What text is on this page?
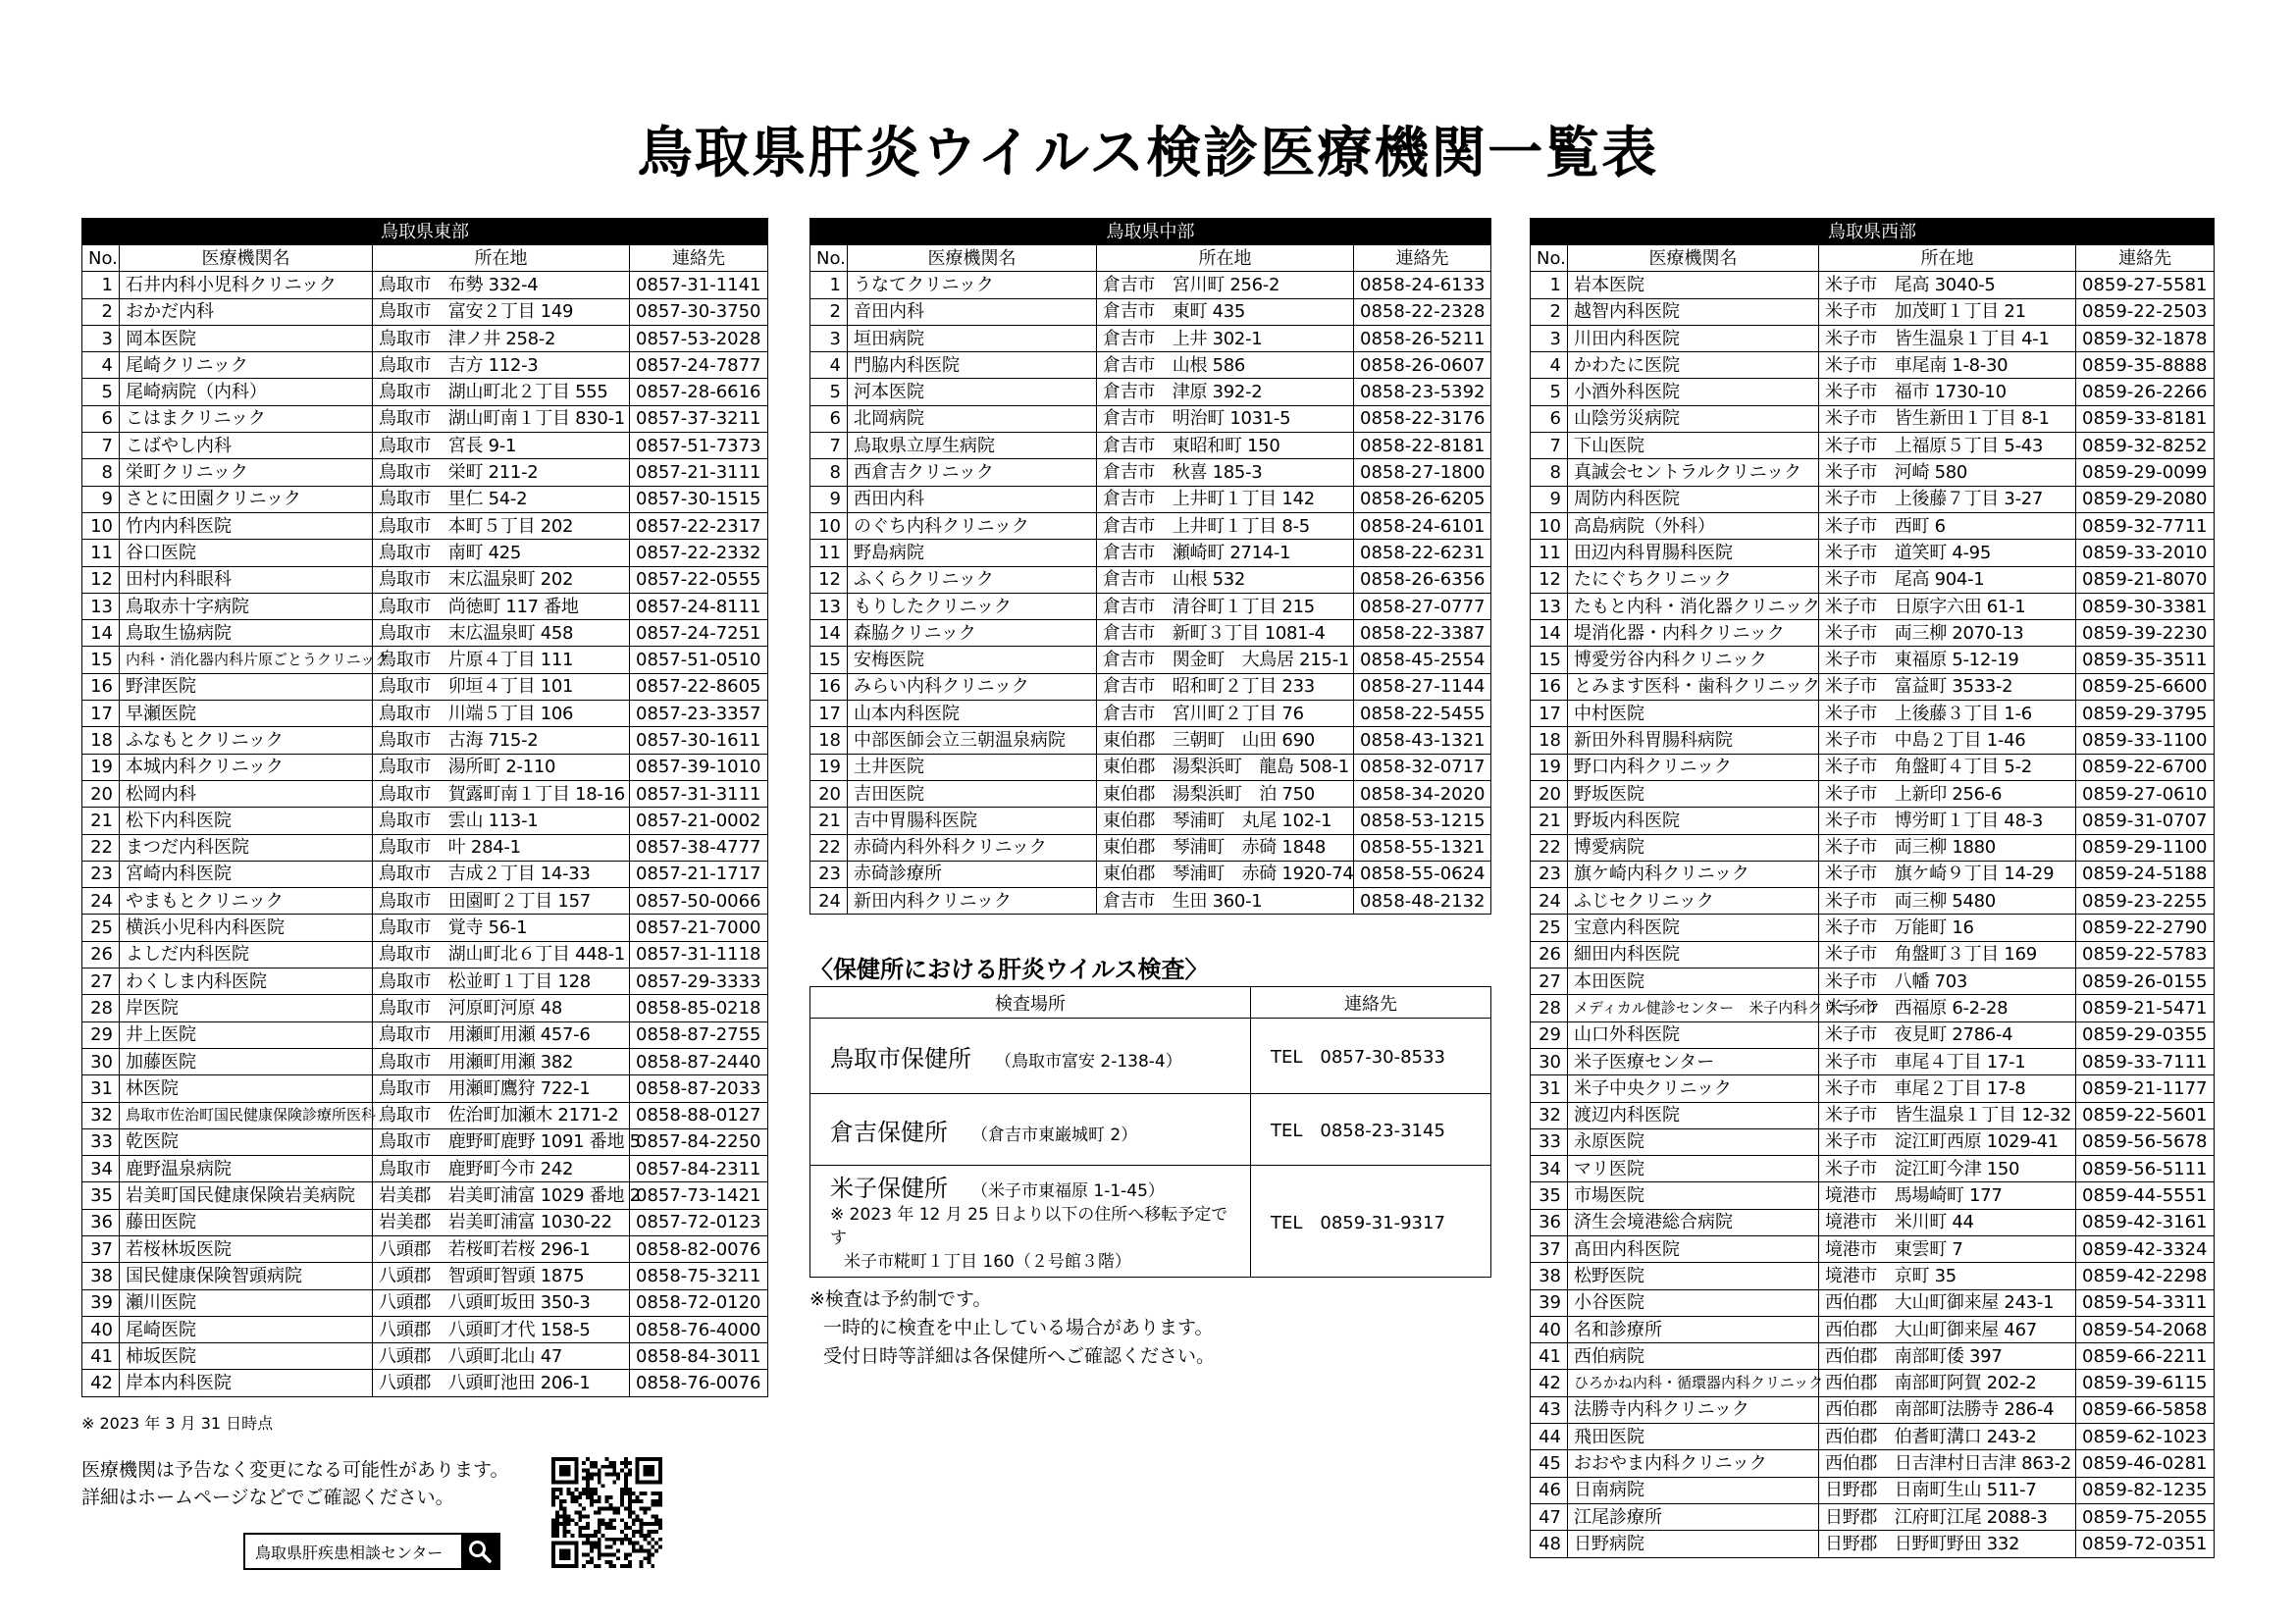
鳥取県肝炎ウイルス検診医療機関一覧表
鳥取県東部			
No.	医療機関名	所在地	連絡先
1	石井内科小児科クリニック	鳥取市　布勢 332-4	0857-31-1141
2	おかだ内科	鳥取市　富安２丁目 149	0857-30-3750
3	岡本医院	鳥取市　津ノ井 258-2	0857-53-2028
4	尾崎クリニック	鳥取市　吉方 112-3	0857-24-7877
5	尾崎病院（内科）	鳥取市　湖山町北２丁目 555	0857-28-6616
6	こはまクリニック	鳥取市　湖山町南１丁目 830-1	0857-37-3211
7	こばやし内科	鳥取市　宮長 9-1	0857-51-7373
8	栄町クリニック	鳥取市　栄町 211-2	0857-21-3111
9	さとに田園クリニック	鳥取市　里仁 54-2	0857-30-1515
10	竹内内科医院	鳥取市　本町５丁目 202	0857-22-2317
11	谷口医院	鳥取市　南町 425	0857-22-2332
12	田村内科眼科	鳥取市　末広温泉町 202	0857-22-0555
13	鳥取赤十字病院	鳥取市　尚徳町 117 番地	0857-24-8111
14	鳥取生協病院	鳥取市　末広温泉町 458	0857-24-7251
15	内科・消化器内科片原ごとうクリニック	鳥取市　片原４丁目 111	0857-51-0510
16	野津医院	鳥取市　卯垣４丁目 101	0857-22-8605
17	早瀬医院	鳥取市　川端５丁目 106	0857-23-3357
18	ふなもとクリニック	鳥取市　古海 715-2	0857-30-1611
19	本城内科クリニック	鳥取市　湯所町 2-110	0857-39-1010
20	松岡内科	鳥取市　賀露町南１丁目 18-16	0857-31-3111
21	松下内科医院	鳥取市　雲山 113-1	0857-21-0002
22	まつだ内科医院	鳥取市　叶 284-1	0857-38-4777
23	宮崎内科医院	鳥取市　吉成２丁目 14-33	0857-21-1717
24	やまもとクリニック	鳥取市　田園町２丁目 157	0857-50-0066
25	横浜小児科内科医院	鳥取市　覚寺 56-1	0857-21-7000
26	よしだ内科医院	鳥取市　湖山町北６丁目 448-1	0857-31-1118
27	わくしま内科医院	鳥取市　松並町１丁目 128	0857-29-3333
28	岸医院	鳥取市　河原町河原 48	0858-85-0218
29	井上医院	鳥取市　用瀬町用瀬 457-6	0858-87-2755
30	加藤医院	鳥取市　用瀬町用瀬 382	0858-87-2440
31	林医院	鳥取市　用瀬町鷹狩 722-1	0858-87-2033
32	鳥取市佐治町国民健康保険診療所医科	鳥取市　佐治町加瀬木 2171-2	0858-88-0127
33	乾医院	鳥取市　鹿野町鹿野 1091 番地 5	0857-84-2250
34	鹿野温泉病院	鳥取市　鹿野町今市 242	0857-84-2311
35	岩美町国民健康保険岩美病院	岩美郡　岩美町浦富 1029 番地 2	0857-73-1421
36	藤田医院	岩美郡　岩美町浦富 1030-22	0857-72-0123
37	若桜林坂医院	八頭郡　若桜町若桜 296-1	0858-82-0076
38	国民健康保険智頭病院	八頭郡　智頭町智頭 1875	0858-75-3211
39	瀬川医院	八頭郡　八頭町坂田 350-3	0858-72-0120
40	尾崎医院	八頭郡　八頭町才代 158-5	0858-76-4000
41	柿坂医院	八頭郡　八頭町北山 47	0858-84-3011
42	岸本内科医院	八頭郡　八頭町池田 206-1	0858-76-0076
鳥取県中部			
No.	医療機関名	所在地	連絡先
1	うなてクリニック	倉吉市　宮川町 256-2	0858-24-6133
2	音田内科	倉吉市　東町 435	0858-22-2328
3	垣田病院	倉吉市　上井 302-1	0858-26-5211
4	門脇内科医院	倉吉市　山根 586	0858-26-0607
5	河本医院	倉吉市　津原 392-2	0858-23-5392
6	北岡病院	倉吉市　明治町 1031-5	0858-22-3176
7	鳥取県立厚生病院	倉吉市　東昭和町 150	0858-22-8181
8	西倉吉クリニック	倉吉市　秋喜 185-3	0858-27-1800
9	西田内科	倉吉市　上井町１丁目 142	0858-26-6205
10	のぐち内科クリニック	倉吉市　上井町１丁目 8-5	0858-24-6101
11	野島病院	倉吉市　瀬崎町 2714-1	0858-22-6231
12	ふくらクリニック	倉吉市　山根 532	0858-26-6356
13	もりしたクリニック	倉吉市　清谷町１丁目 215	0858-27-0777
14	森脇クリニック	倉吉市　新町３丁目 1081-4	0858-22-3387
15	安梅医院	倉吉市　関金町　大鳥居 215-1	0858-45-2554
16	みらい内科クリニック	倉吉市　昭和町２丁目 233	0858-27-1144
17	山本内科医院	倉吉市　宮川町２丁目 76	0858-22-5455
18	中部医師会立三朝温泉病院	東伯郡　三朝町　山田 690	0858-43-1321
19	土井医院	東伯郡　湯梨浜町　龍島 508-1	0858-32-0717
20	吉田医院	東伯郡　湯梨浜町　泊 750	0858-34-2020
21	吉中胃腸科医院	東伯郡　琴浦町　丸尾 102-1	0858-53-1215
22	赤碕内科外科クリニック	東伯郡　琴浦町　赤碕 1848	0858-55-1321
23	赤碕診療所	東伯郡　琴浦町　赤碕 1920-74	0858-55-0624
24	新田内科クリニック	倉吉市　生田 360-1	0858-48-2132
鳥取県西部			
No.	医療機関名	所在地	連絡先
1	岩本医院	米子市　尾高 3040-5	0859-27-5581
2	越智内科医院	米子市　加茂町１丁目 21	0859-22-2503
3	川田内科医院	米子市　皆生温泉１丁目 4-1	0859-32-1878
4	かわたに医院	米子市　車尾南 1-8-30	0859-35-8888
5	小酒外科医院	米子市　福市 1730-10	0859-26-2266
6	山陰労災病院	米子市　皆生新田１丁目 8-1	0859-33-8181
7	下山医院	米子市　上福原５丁目 5-43	0859-32-8252
8	真誠会セントラルクリニック	米子市　河崎 580	0859-29-0099
9	周防内科医院	米子市　上後藤７丁目 3-27	0859-29-2080
10	高島病院（外科）	米子市　西町 6	0859-32-7711
11	田辺内科胃腸科医院	米子市　道笑町 4-95	0859-33-2010
12	たにぐちクリニック	米子市　尾高 904-1	0859-21-8070
13	たもと内科・消化器クリニック	米子市　日原字六田 61-1	0859-30-3381
14	堤消化器・内科クリニック	米子市　両三柳 2070-13	0859-39-2230
15	博愛労谷内科クリニック	米子市　東福原 5-12-19	0859-35-3511
16	とみます医科・歯科クリニック	米子市　富益町 3533-2	0859-25-6600
17	中村医院	米子市　上後藤３丁目 1-6	0859-29-3795
18	新田外科胃腸科病院	米子市　中島２丁目 1-46	0859-33-1100
19	野口内科クリニック	米子市　角盤町４丁目 5-2	0859-22-6700
20	野坂医院	米子市　上新印 256-6	0859-27-0610
21	野坂内科医院	米子市　博労町１丁目 48-3	0859-31-0707
22	博愛病院	米子市　両三柳 1880	0859-29-1100
23	旗ケ崎内科クリニック	米子市　旗ケ崎９丁目 14-29	0859-24-5188
24	ふじセクリニック	米子市　両三柳 5480	0859-23-2255
25	宝意内科医院	米子市　万能町 16	0859-22-2790
26	細田内科医院	米子市　角盤町３丁目 169	0859-22-5783
27	本田医院	米子市　八幡 703	0859-26-0155
28	メディカル健診センター　米子内科クリニック	米子市　西福原 6-2-28	0859-21-5471
29	山口外科医院	米子市　夜見町 2786-4	0859-29-0355
30	米子医療センター	米子市　車尾４丁目 17-1	0859-33-7111
31	米子中央クリニック	米子市　車尾２丁目 17-8	0859-21-1177
32	渡辺内科医院	米子市　皆生温泉１丁目 12-32	0859-22-5601
33	永原医院	米子市　淀江町西原 1029-41	0859-56-5678
34	マリ医院	米子市　淀江町今津 150	0859-56-5111
35	市場医院	境港市　馬場崎町 177	0859-44-5551
36	済生会境港総合病院	境港市　米川町 44	0859-42-3161
37	髙田内科医院	境港市　東雲町 7	0859-42-3324
38	松野医院	境港市　京町 35	0859-42-2298
39	小谷医院	西伯郡　大山町御来屋 243-1	0859-54-3311
40	名和診療所	西伯郡　大山町御来屋 467	0859-54-2068
41	西伯病院	西伯郡　南部町倭 397	0859-66-2211
42	ひろかね内科・循環器内科クリニック	西伯郡　南部町阿賀 202-2	0859-39-6115
43	法勝寺内科クリニック	西伯郡　南部町法勝寺 286-4	0859-66-5858
44	飛田医院	西伯郡　伯耆町溝口 243-2	0859-62-1023
45	おおやま内科クリニック	西伯郡　日吉津村日吉津 863-2	0859-46-0281
46	日南病院	日野郡　日南町生山 511-7	0859-82-1235
47	江尾診療所	日野郡　江府町江尾 2088-3	0859-75-2055
48	日野病院	日野郡　日野町野田 332	0859-72-0351
※ 2023 年 3 月 31 日時点
医療機関は予告なく変更になる可能性があります。
詳細はホームページなどでご確認ください。
鳥取県肝疾患相談センター
〈保健所における肝炎ウイルス検査〉
検査場所	連絡先
鳥取市保健所 （鳥取市富安 2-138-4）	TEL　0857-30-8533
倉吉保健所 （倉吉市東巌城町 2）	TEL　0858-23-3145

米子保健所 （米子市東福原 1-1-45）
※ 2023 年 12 月 25 日より以下の住所へ移転予定です
米子市糀町１丁目 160（２号館３階）	TEL　0859-31-9317
※検査は予約制です。
一時的に検査を中止している場合があります。
受付日時等詳細は各保健所へご確認ください。
